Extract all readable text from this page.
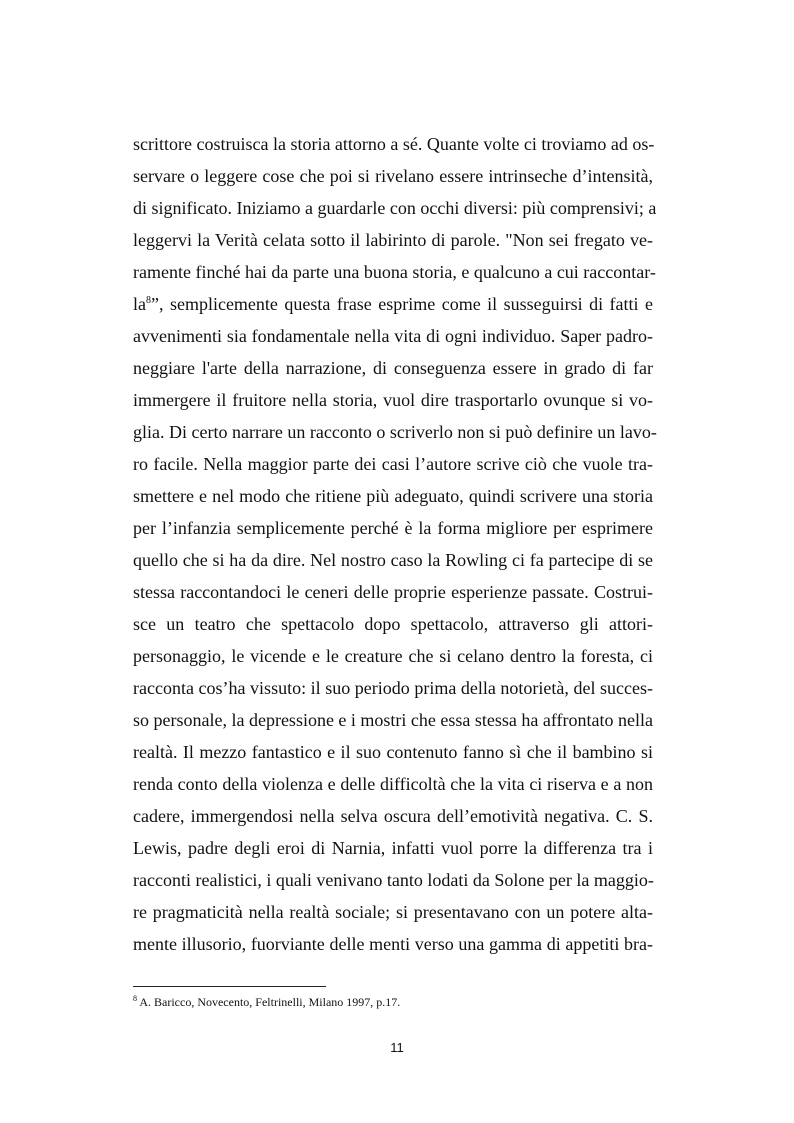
scrittore costruisca la storia attorno a sé. Quante volte ci troviamo ad os-
servare o leggere cose che poi si rivelano essere intrinseche d’intensità,
di significato. Iniziamo a guardarle con occhi diversi: più comprensivi; a
leggervi la Verità celata sotto il labirinto di parole. "Non sei fregato ve-
ramente finché hai da parte una buona storia, e qualcuno a cui raccontar-
la$^8$”, semplicemente questa frase esprime come il susseguirsi di fatti e
avvenimenti sia fondamentale nella vita di ogni individuo. Saper padro-
neggiare l'arte della narrazione, di conseguenza essere in grado di far
immergere il fruitore nella storia, vuol dire trasportarlo ovunque si vo-
glia. Di certo narrare un racconto o scriverlo non si può definire un lavo-
ro facile. Nella maggior parte dei casi l’autore scrive ciò che vuole tra-
smettere e nel modo che ritiene più adeguato, quindi scrivere una storia
per l’infanzia semplicemente perché è la forma migliore per esprimere
quello che si ha da dire. Nel nostro caso la Rowling ci fa partecipe di se
stessa raccontandoci le ceneri delle proprie esperienze passate. Costrui-
sce un teatro che spettacolo dopo spettacolo, attraverso gli attori-
personaggio, le vicende e le creature che si celano dentro la foresta, ci
racconta cos’ha vissuto: il suo periodo prima della notorietà, del succes-
so personale, la depressione e i mostri che essa stessa ha affrontato nella
realtà. Il mezzo fantastico e il suo contenuto fanno sì che il bambino si
renda conto della violenza e delle difficoltà che la vita ci riserva e a non
cadere, immergendosi nella selva oscura dell’emotività negativa. C. S.
Lewis, padre degli eroi di Narnia, infatti vuol porre la differenza tra i
racconti realistici, i quali venivano tanto lodati da Solone per la maggio-
re pragmaticità nella realtà sociale; si presentavano con un potere alta-
mente illusorio, fuorviante delle menti verso una gamma di appetiti bra-
$^8$ A. Baricco, Novecento, Feltrinelli, Milano 1997, p.17.
11
